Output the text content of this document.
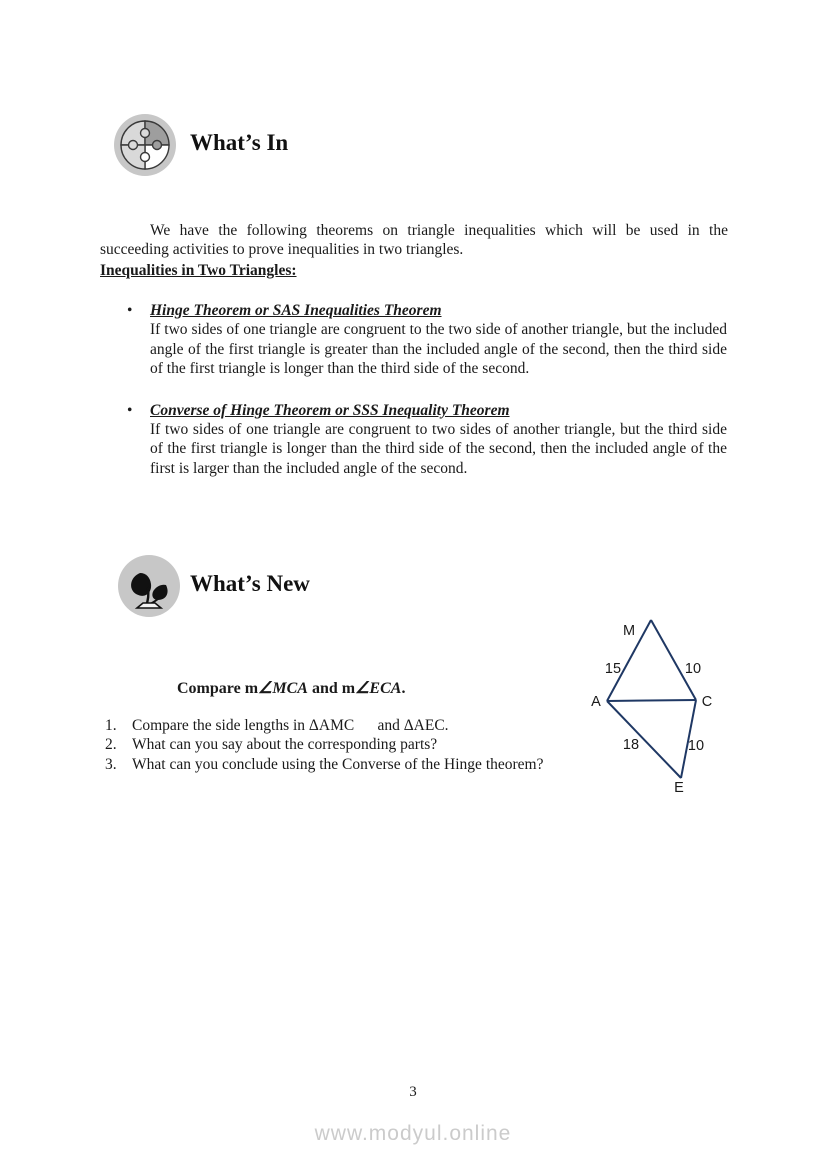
What’s In

We have the following theorems on triangle inequalities which will be used in the succeeding activities to prove inequalities in two triangles.

Inequalities in Two Triangles:
• Hinge Theorem or SAS Inequalities Theorem
If two sides of one triangle are congruent to the two side of another triangle, but the included angle of the first triangle is greater than the included angle of the second, then the third side of the first triangle is longer than the third side of the second.
• Converse of Hinge Theorem or SSS Inequality Theorem
If two sides of one triangle are congruent to two sides of another triangle, but the third side of the first triangle is longer than the third side of the second, then the included angle of the first is larger than the included angle of the second.
What’s New
Compare m∠MCA and m∠ECA.
Compare the side lengths in ΔAMC   and ΔAEC.
What can you say about the corresponding parts?
What can you conclude using the Converse of the Hinge theorem?
M
A	C
E
15	10
18	10
3
www.modyul.online
